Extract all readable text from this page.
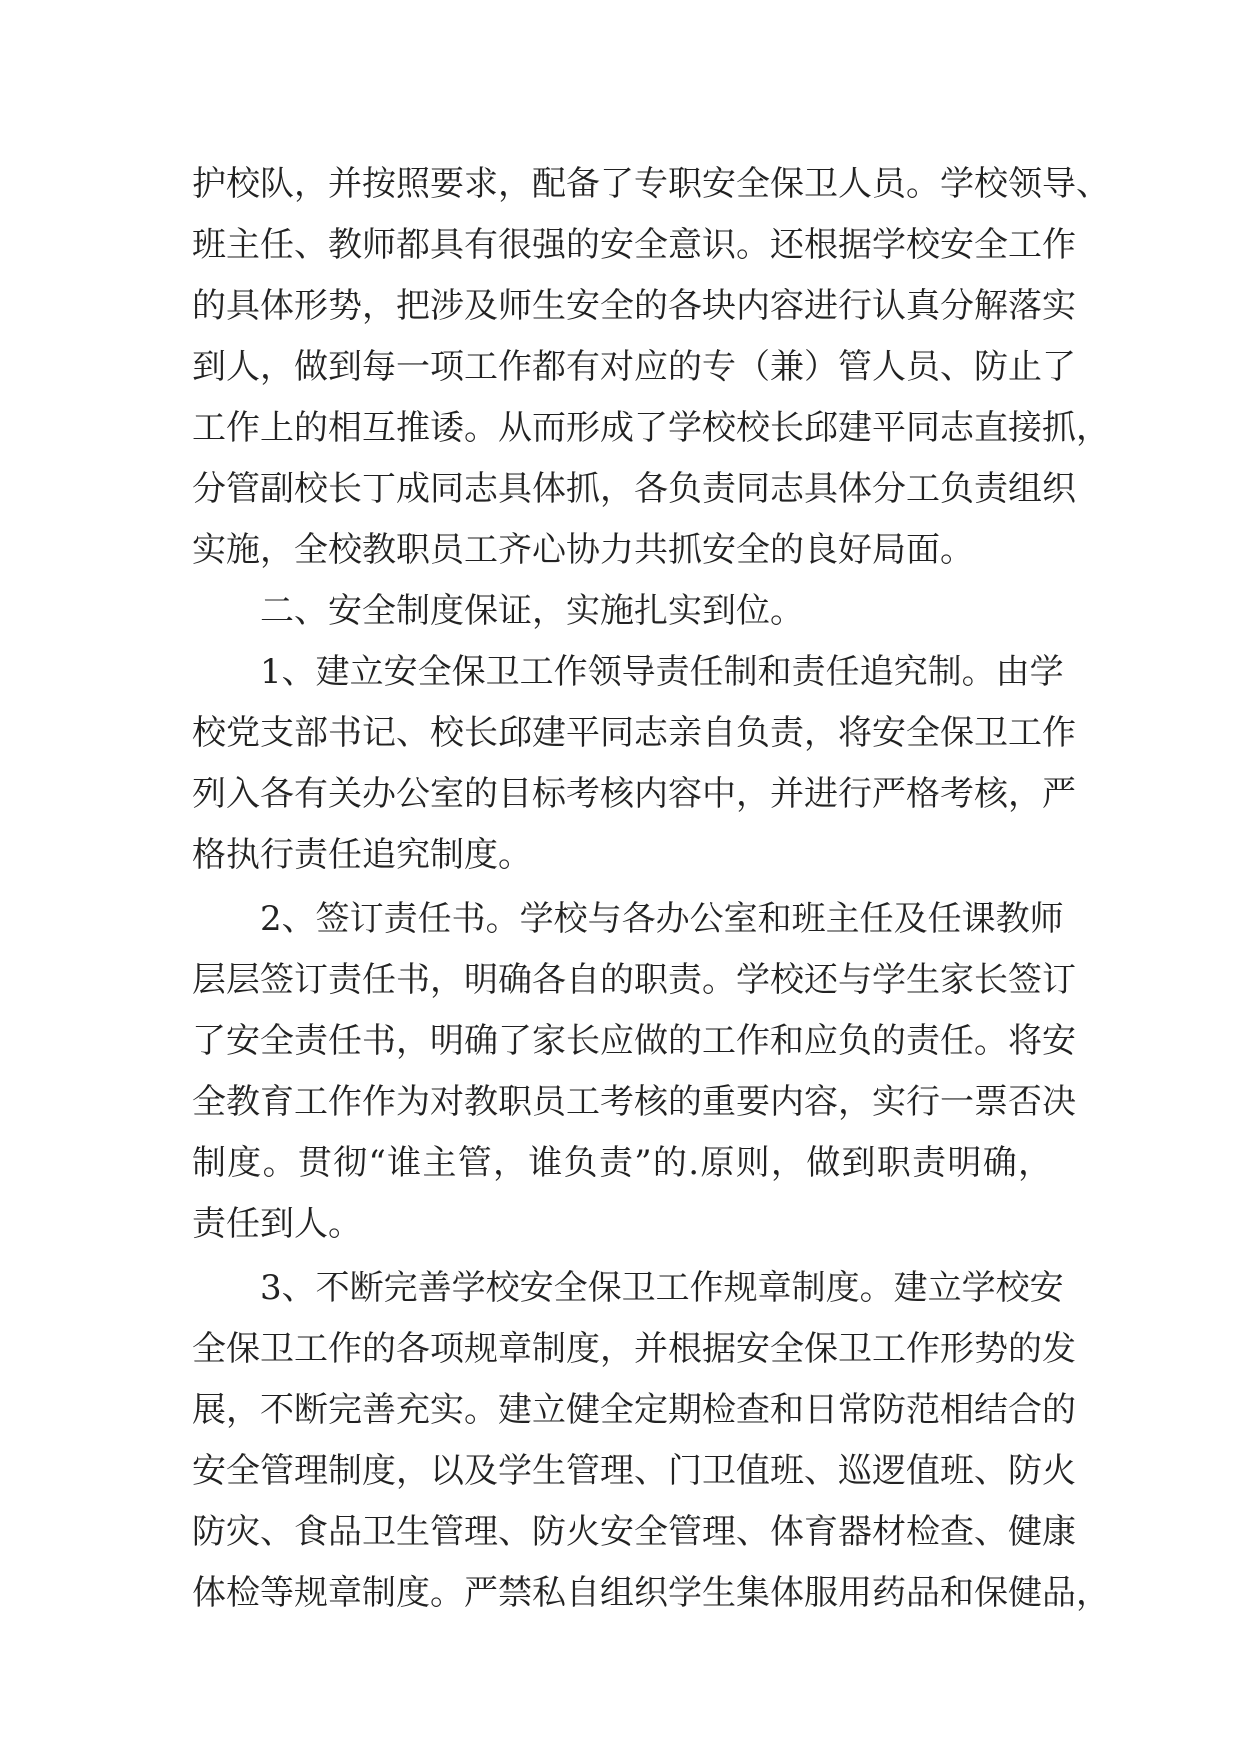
护校队，并按照要求，配备了专职安全保卫人员。学校领导、
班主任、教师都具有很强的安全意识。还根据学校安全工作
的具体形势，把涉及师生安全的各块内容进行认真分解落实
到人，做到每一项工作都有对应的专（兼）管人员、防止了
工作上的相互推诿。从而形成了学校校长邱建平同志直接抓，
分管副校长丁成同志具体抓，各负责同志具体分工负责组织
实施，全校教职员工齐心协力共抓安全的良好局面。
二、安全制度保证，实施扎实到位。
1、建立安全保卫工作领导责任制和责任追究制。由学
校党支部书记、校长邱建平同志亲自负责，将安全保卫工作
列入各有关办公室的目标考核内容中，并进行严格考核，严
格执行责任追究制度。
2、签订责任书。学校与各办公室和班主任及任课教师
层层签订责任书，明确各自的职责。学校还与学生家长签订
了安全责任书，明确了家长应做的工作和应负的责任。将安
全教育工作作为对教职员工考核的重要内容，实行一票否决
制度。贯彻“谁主管，谁负责”的.原则，做到职责明确，
责任到人。
3、不断完善学校安全保卫工作规章制度。建立学校安
全保卫工作的各项规章制度，并根据安全保卫工作形势的发
展，不断完善充实。建立健全定期检查和日常防范相结合的
安全管理制度，以及学生管理、门卫值班、巡逻值班、防火
防灾、食品卫生管理、防火安全管理、体育器材检查、健康
体检等规章制度。严禁私自组织学生集体服用药品和保健品，
